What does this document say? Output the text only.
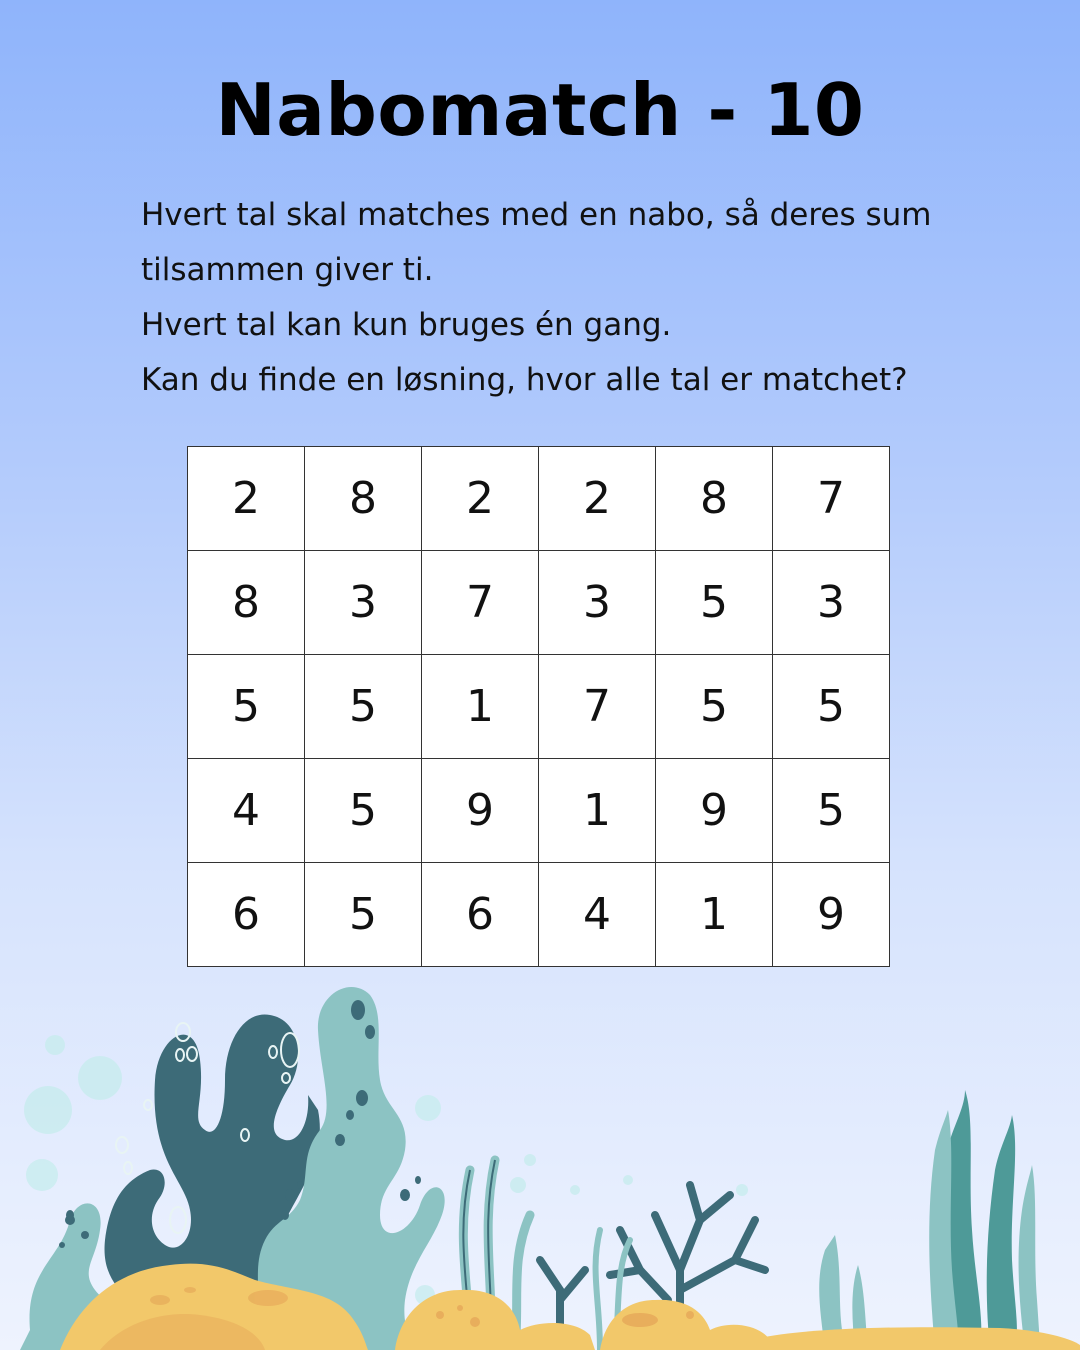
Nabomatch - 10

Hvert tal skal matches med en nabo, så deres sum

tilsammen giver ti.

Hvert tal kan kun bruges én gang.

Kan du finde en løsning, hvor alle tal er matchet?

2	8	2	2	8	7
8	3	7	3	5	3
5	5	1	7	5	5
4	5	9	1	9	5
6	5	6	4	1	9
